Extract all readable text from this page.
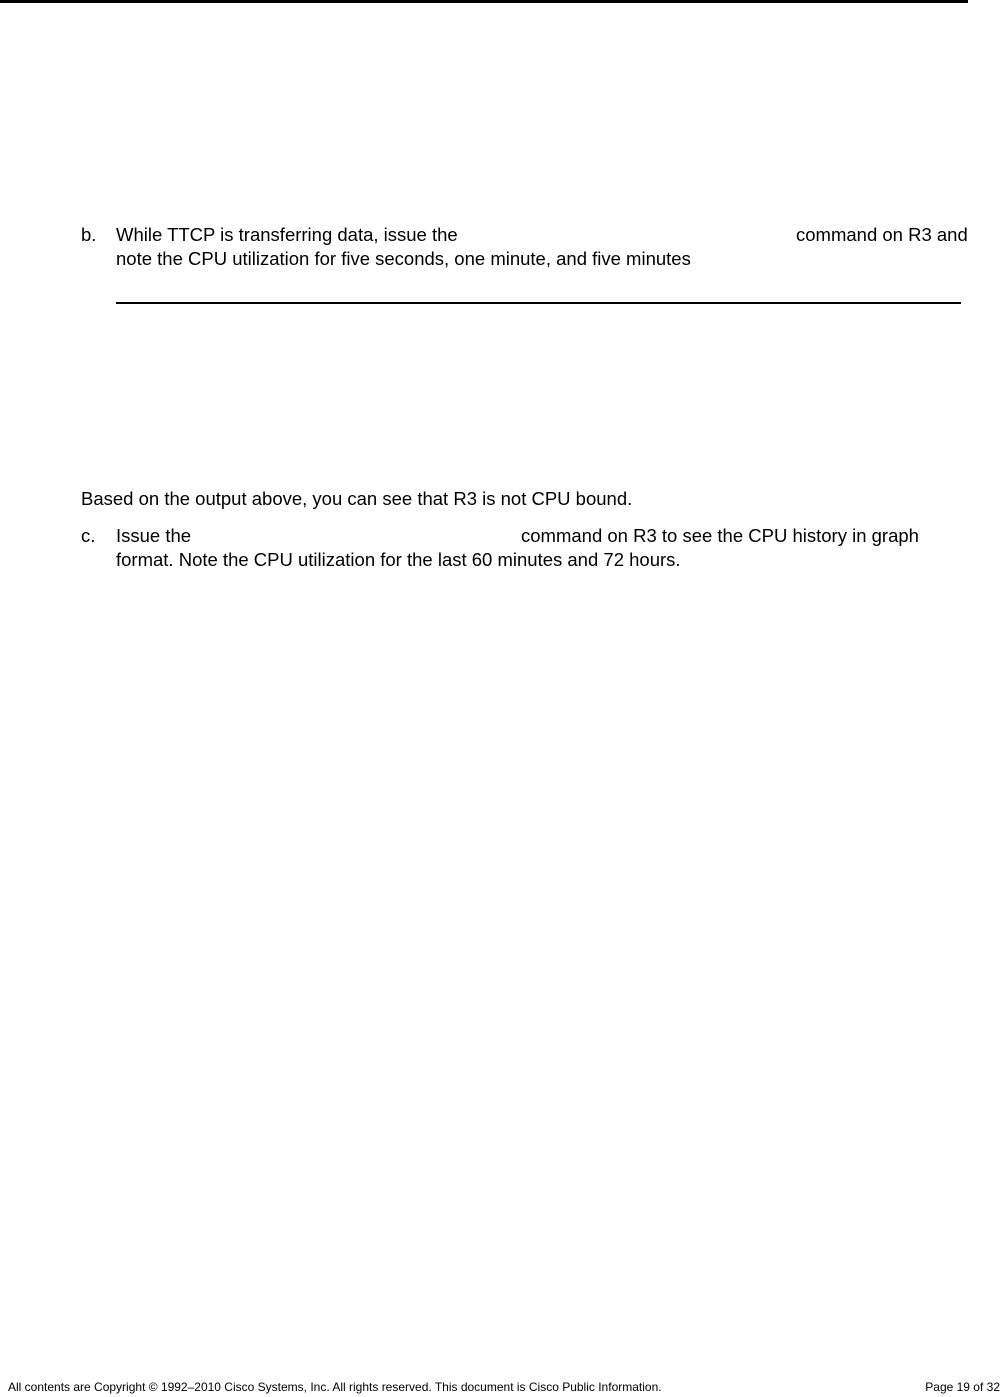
b. While TTCP is transferring data, issue the	command on R3 and
note the CPU utilization for five seconds, one minute, and five minutes
Based on the output above, you can see that R3 is not CPU bound.
c. Issue the	command on R3 to see the CPU history in graph
format. Note the CPU utilization for the last 60 minutes and 72 hours.
All contents are Copyright © 1992–2010 Cisco Systems, Inc. All rights reserved. This document is Cisco Public Information.	Page 19 of 32
